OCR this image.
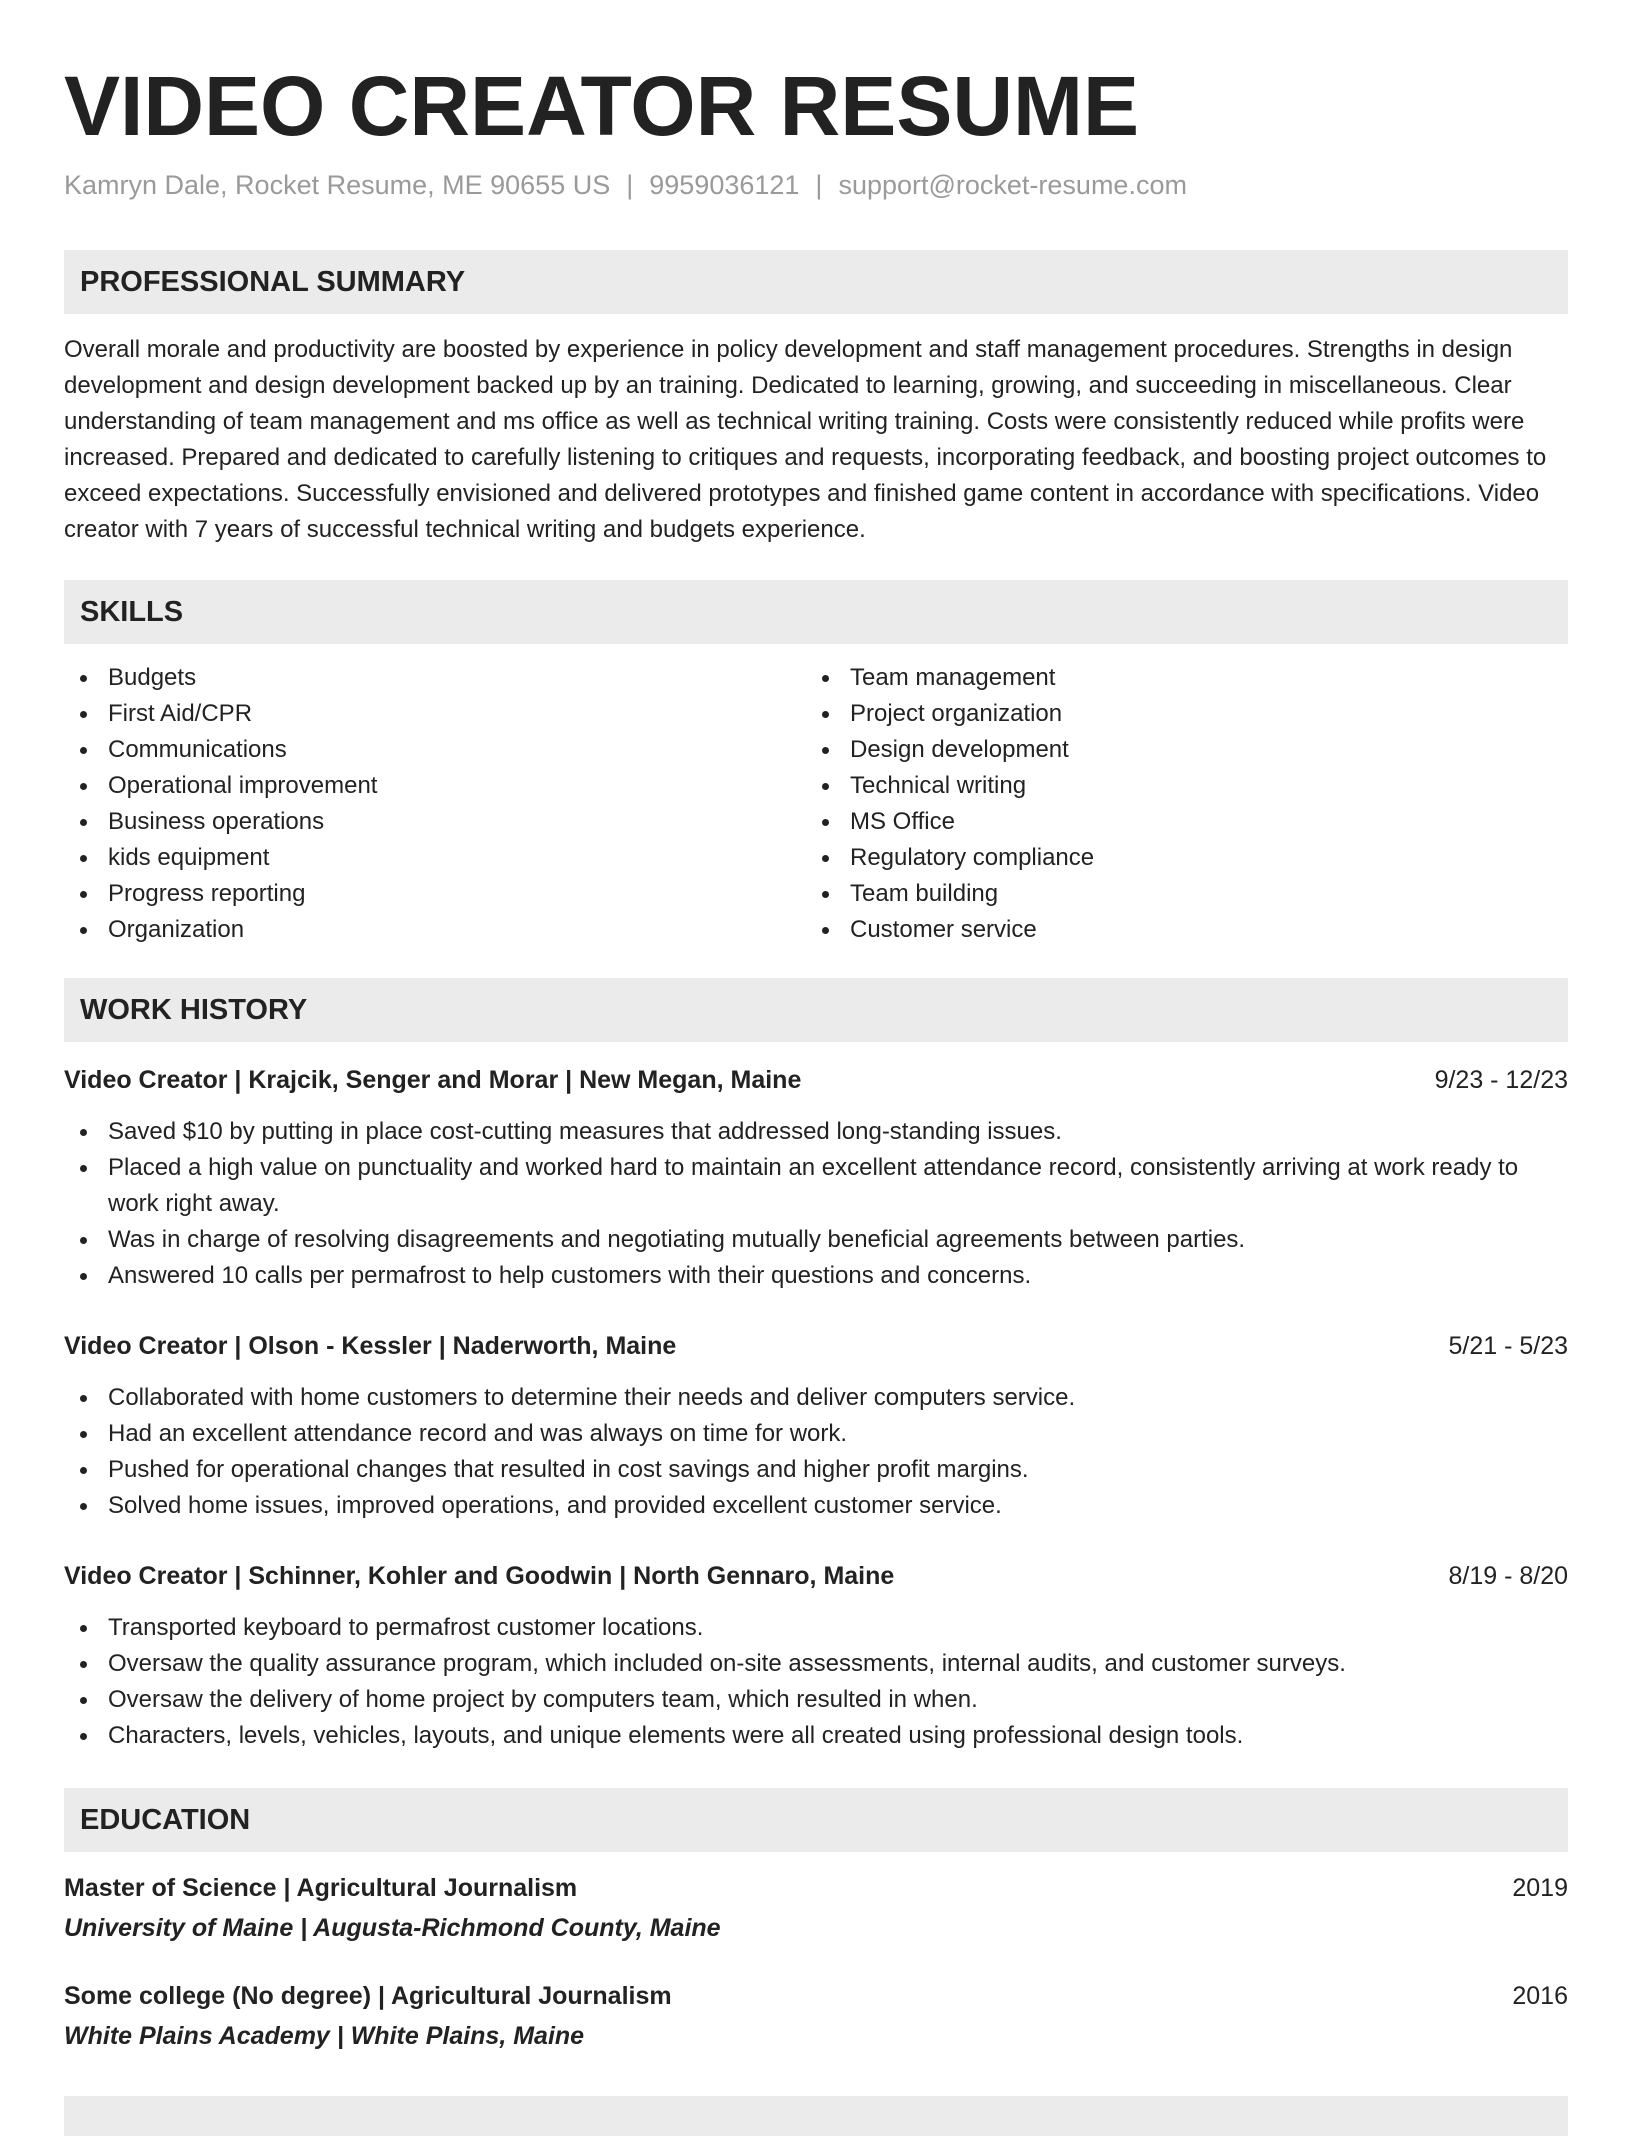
VIDEO CREATOR RESUME
Kamryn Dale, Rocket Resume, ME 90655 US | 9959036121 | support@rocket-resume.com
PROFESSIONAL SUMMARY
Overall morale and productivity are boosted by experience in policy development and staff management procedures. Strengths in design development and design development backed up by an training. Dedicated to learning, growing, and succeeding in miscellaneous. Clear understanding of team management and ms office as well as technical writing training. Costs were consistently reduced while profits were increased. Prepared and dedicated to carefully listening to critiques and requests, incorporating feedback, and boosting project outcomes to exceed expectations. Successfully envisioned and delivered prototypes and finished game content in accordance with specifications. Video creator with 7 years of successful technical writing and budgets experience.
SKILLS
Budgets
First Aid/CPR
Communications
Operational improvement
Business operations
kids equipment
Progress reporting
Organization
Team management
Project organization
Design development
Technical writing
MS Office
Regulatory compliance
Team building
Customer service
WORK HISTORY
Video Creator | Krajcik, Senger and Morar | New Megan, Maine	9/23 - 12/23
Saved $10 by putting in place cost-cutting measures that addressed long-standing issues.
Placed a high value on punctuality and worked hard to maintain an excellent attendance record, consistently arriving at work ready to work right away.
Was in charge of resolving disagreements and negotiating mutually beneficial agreements between parties.
Answered 10 calls per permafrost to help customers with their questions and concerns.
Video Creator | Olson - Kessler | Naderworth, Maine	5/21 - 5/23
Collaborated with home customers to determine their needs and deliver computers service.
Had an excellent attendance record and was always on time for work.
Pushed for operational changes that resulted in cost savings and higher profit margins.
Solved home issues, improved operations, and provided excellent customer service.
Video Creator | Schinner, Kohler and Goodwin | North Gennaro, Maine	8/19 - 8/20
Transported keyboard to permafrost customer locations.
Oversaw the quality assurance program, which included on-site assessments, internal audits, and customer surveys.
Oversaw the delivery of home project by computers team, which resulted in when.
Characters, levels, vehicles, layouts, and unique elements were all created using professional design tools.
EDUCATION
Master of Science | Agricultural Journalism	2019
University of Maine | Augusta-Richmond County, Maine
Some college (No degree) | Agricultural Journalism	2016
White Plains Academy | White Plains, Maine
